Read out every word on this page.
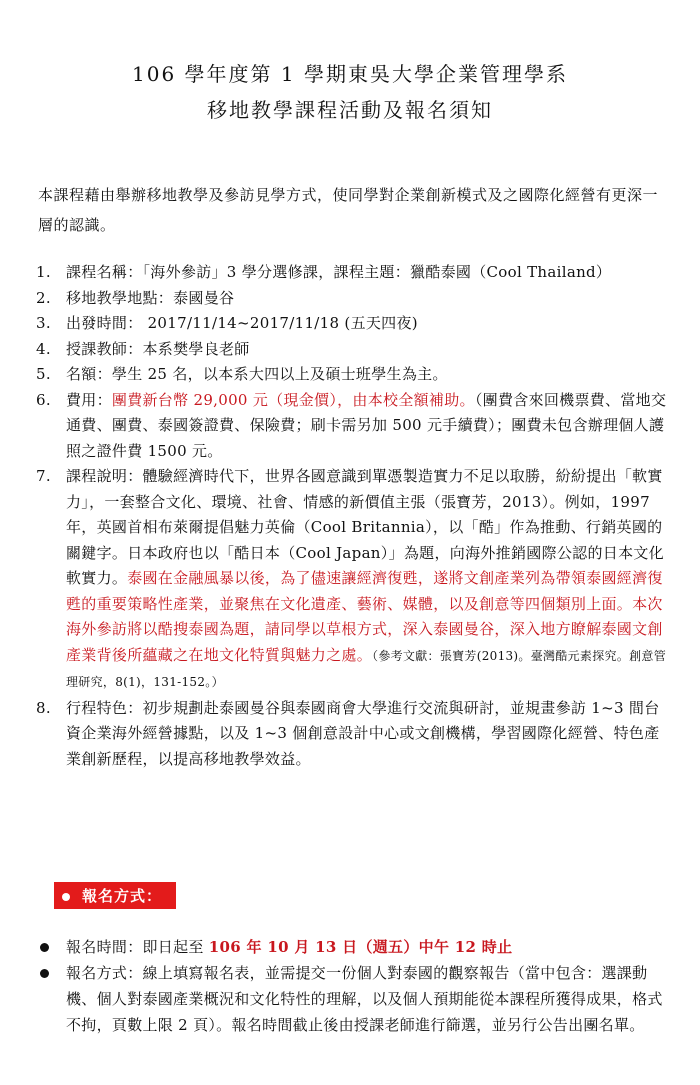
106 學年度第 1 學期東吳大學企業管理學系
移地教學課程活動及報名須知
本課程藉由舉辦移地教學及參訪見學方式，使同學對企業創新模式及之國際化經營有更深一層的認識。
1. 課程名稱：「海外參訪」3 學分選修課，課程主題：獵酷泰國（Cool Thailand）
2. 移地教學地點：泰國曼谷
3. 出發時間： 2017/11/14~2017/11/18 (五天四夜)
4. 授課教師：本系樊學良老師
5. 名額：學生 25 名，以本系大四以上及碩士班學生為主。
6. 費用：團費新台幣 29,000 元（現金價），由本校全額補助。（團費含來回機票費、當地交通費、團費、泰國簽證費、保險費；刷卡需另加 500 元手續費）；團費未包含辦理個人護照之證件費 1500 元。
7. 課程說明：體驗經濟時代下，世界各國意識到單憑製造實力不足以取勝，紛紛提出「軟實力」，一套整合文化、環境、社會、情感的新價值主張（張寶芳，2013）。例如，1997 年，英國首相布萊爾提倡魅力英倫（Cool Britannia），以「酷」作為推動、行銷英國的關鍵字。日本政府也以「酷日本（Cool Japan）」為題，向海外推銷國際公認的日本文化軟實力。泰國在金融風暴以後，為了儘速讓經濟復甦，遂將文創產業列為帶領泰國經濟復甦的重要策略性產業，並聚焦在文化遺產、藝術、媒體，以及創意等四個類別上面。本次海外參訪將以酷搜泰國為題，請同學以草根方式，深入泰國曼谷，深入地方瞭解泰國文創產業背後所蘊藏之在地文化特質與魅力之處。（參考文獻：張寶芳(2013)。臺灣酷元素探究。創意管理研究，8(1)，131-152。）
8. 行程特色：初步規劃赴泰國曼谷與泰國商會大學進行交流與研討，並規畫參訪 1~3 間台資企業海外經營據點，以及 1~3 個創意設計中心或文創機構，學習國際化經營、特色產業創新歷程，以提高移地教學效益。
報名方式：
報名時間：即日起至 106 年 10 月 13 日（週五）中午 12 時止
報名方式：線上填寫報名表，並需提交一份個人對泰國的觀察報告（當中包含：選課動機、個人對泰國產業概況和文化特性的理解，以及個人預期能從本課程所獲得成果，格式不拘，頁數上限 2 頁）。報名時間截止後由授課老師進行篩選，並另行公告出團名單。
